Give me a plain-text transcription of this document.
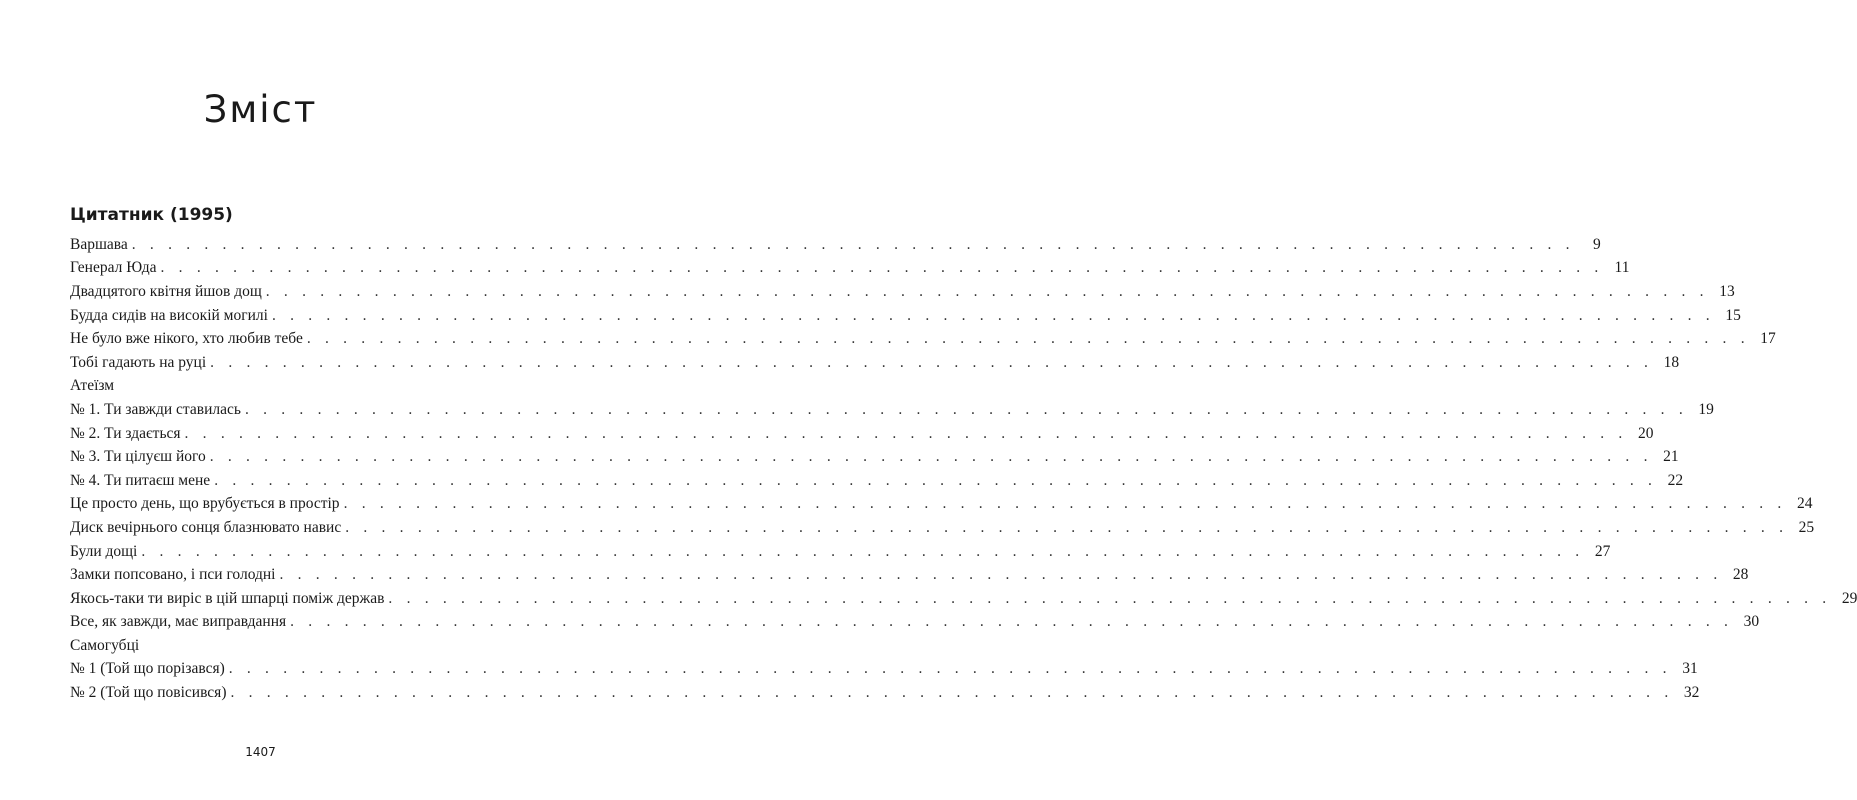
Зміст
Цитатник (1995)
Варшава . . . . . . . . . . . . . . . . . . . . . . . . . . . . . . . . . . . . . . . . . . . . . . . . . . . . . . . . . . . . . . . . . . . . . . . . . . . . . . . .	9
Генерал Юда . . . . . . . . . . . . . . . . . . . . . . . . . . . . . . . . . . . . . . . . . . . . . . . . . . . . . . . . . . . . . . . . . . . . . . . . . . . . . . . . 11
Двадцятого квітня йшов дощ . . . . . . . . . . . . . . . . . . . . . . . . . . . . . . . . . . . . . . . . . . . . . . . . . . . . . . . . . . . . . . . . . . . . . . . . . . . . . . . . 13
Будда сидів на високій могилі . . . . . . . . . . . . . . . . . . . . . . . . . . . . . . . . . . . . . . . . . . . . . . . . . . . . . . . . . . . . . . . . . . . . . . . . . . . . . . . . 15
Не було вже нікого, хто любив тебе . . . . . . . . . . . . . . . . . . . . . . . . . . . . . . . . . . . . . . . . . . . . . . . . . . . . . . . . . . . . . . . . . . . . . . . . . . . . . . . . 17
Тобі гадають на руці . . . . . . . . . . . . . . . . . . . . . . . . . . . . . . . . . . . . . . . . . . . . . . . . . . . . . . . . . . . . . . . . . . . . . . . . . . . . . . . . 18
Атеїзм
№ 1. Ти завжди ставилась . . . . . . . . . . . . . . . . . . . . . . . . . . . . . . . . . . . . . . . . . . . . . . . . . . . . . . . . . . . . . . . . . . . . . . . . . . . . . . . . 19
№ 2. Ти здається . . . . . . . . . . . . . . . . . . . . . . . . . . . . . . . . . . . . . . . . . . . . . . . . . . . . . . . . . . . . . . . . . . . . . . . . . . . . . . . . 20
№ 3. Ти цілуєш його . . . . . . . . . . . . . . . . . . . . . . . . . . . . . . . . . . . . . . . . . . . . . . . . . . . . . . . . . . . . . . . . . . . . . . . . . . . . . . . . 21
№ 4. Ти питаєш мене . . . . . . . . . . . . . . . . . . . . . . . . . . . . . . . . . . . . . . . . . . . . . . . . . . . . . . . . . . . . . . . . . . . . . . . . . . . . . . . . 22
Це просто день, що врубується в простір . . . . . . . . . . . . . . . . . . . . . . . . . . . . . . . . . . . . . . . . . . . . . . . . . . . . . . . . . . . . . . . . . . . . . . . . . . . . . . . . 24
Диск вечірнього сонця блазнювато навис . . . . . . . . . . . . . . . . . . . . . . . . . . . . . . . . . . . . . . . . . . . . . . . . . . . . . . . . . . . . . . . . . . . . . . . . . . . . . . . . 25
Були дощі . . . . . . . . . . . . . . . . . . . . . . . . . . . . . . . . . . . . . . . . . . . . . . . . . . . . . . . . . . . . . . . . . . . . . . . . . . . . . . . . 27
Замки попсовано, і пси голодні . . . . . . . . . . . . . . . . . . . . . . . . . . . . . . . . . . . . . . . . . . . . . . . . . . . . . . . . . . . . . . . . . . . . . . . . . . . . . . . . 28
Якось-таки ти виріс в цій шпарці поміж держав . . . . . . . . . . . . . . . . . . . . . . . . . . . . . . . . . . . . . . . . . . . . . . . . . . . . . . . . . . . . . . . . . . . . . . . . . . . . . . . . 29
Все, як завжди, має виправдання . . . . . . . . . . . . . . . . . . . . . . . . . . . . . . . . . . . . . . . . . . . . . . . . . . . . . . . . . . . . . . . . . . . . . . . . . . . . . . . . 30
Самогубці
№ 1 (Той що порізався) . . . . . . . . . . . . . . . . . . . . . . . . . . . . . . . . . . . . . . . . . . . . . . . . . . . . . . . . . . . . . . . . . . . . . . . . . . . . . . . . 31
№ 2 (Той що повісився) . . . . . . . . . . . . . . . . . . . . . . . . . . . . . . . . . . . . . . . . . . . . . . . . . . . . . . . . . . . . . . . . . . . . . . . . . . . . . . . . 32
1407
